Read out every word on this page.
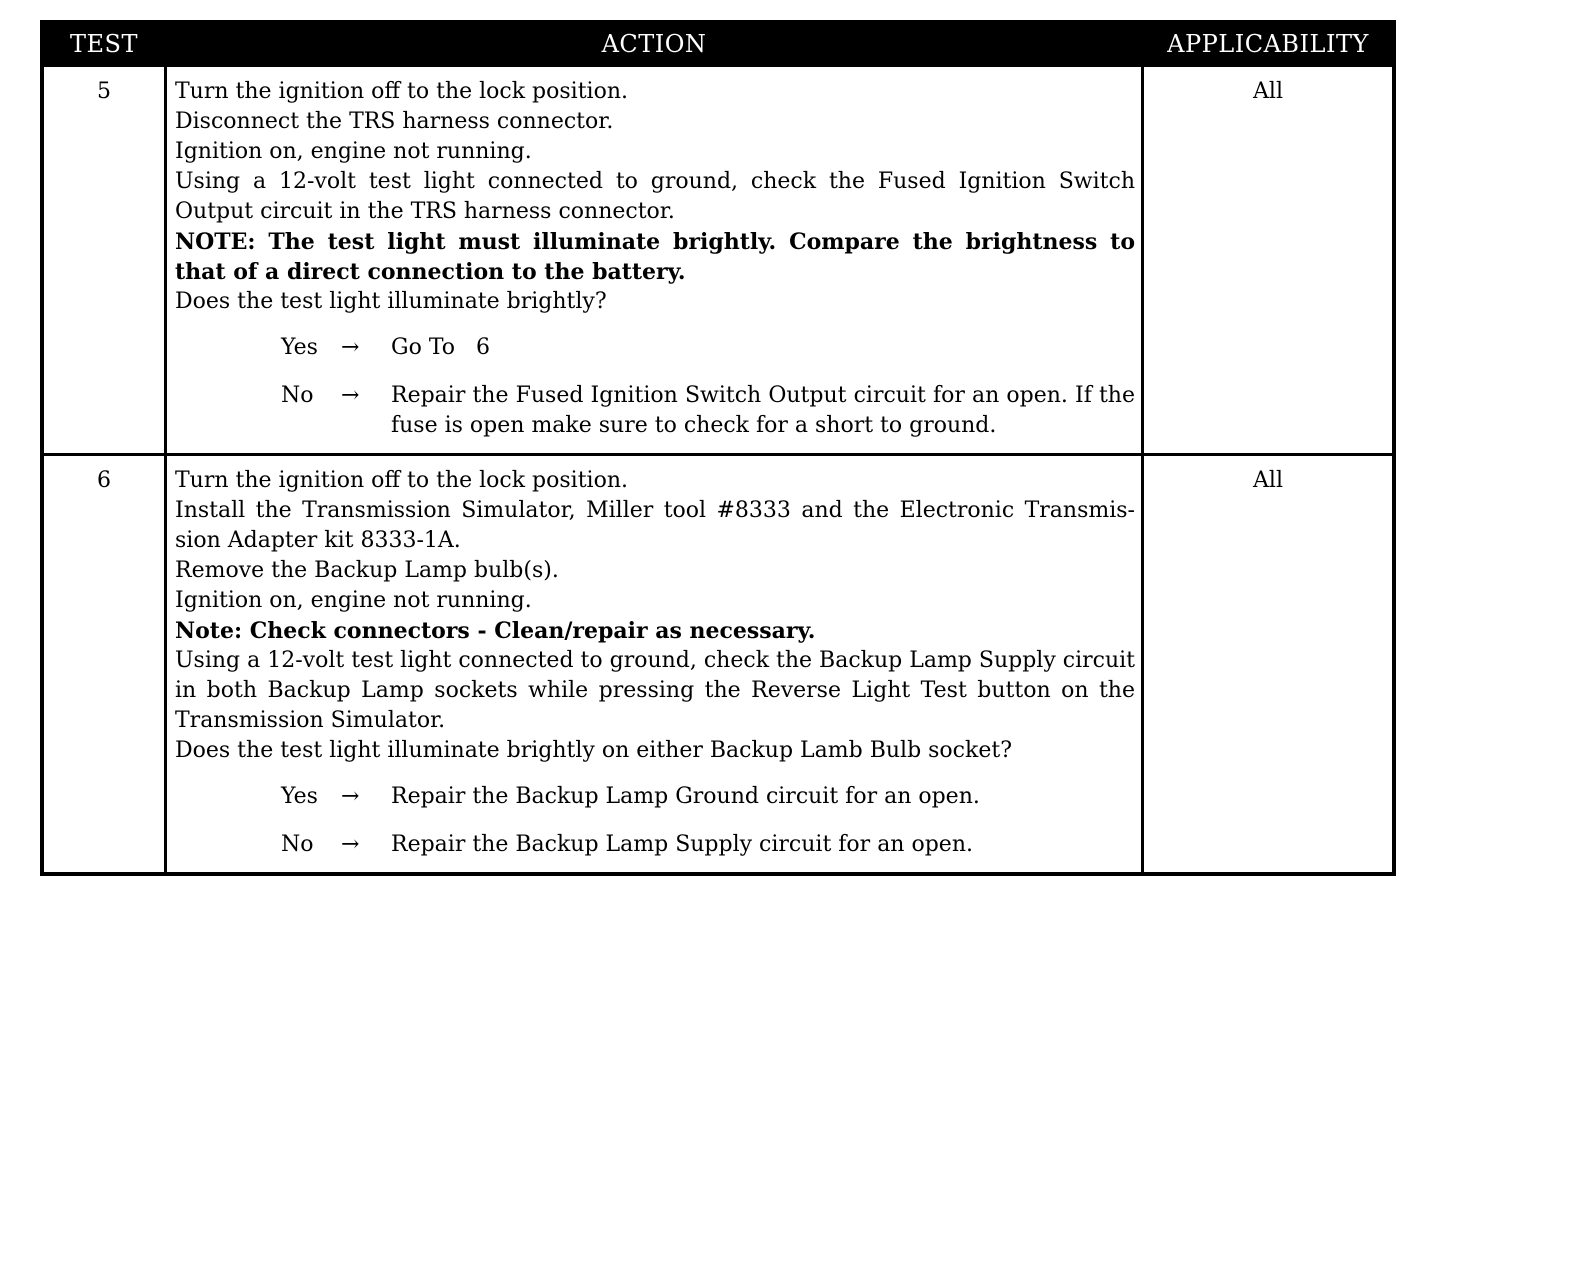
TEST	ACTION	APPLICABILITY
5	Turn the ignition off to the lock position.
Disconnect the TRS harness connector.
Ignition on, engine not running.
Using a 12-volt test light connected to ground, check the Fused Ignition Switch Output circuit in the TRS harness connector.
NOTE: The test light must illuminate brightly. Compare the brightness to that of a direct connection to the battery.
Does the test light illuminate brightly?
Yes	→	Go To   6
No	→	Repair the Fused Ignition Switch Output circuit for an open. If the fuse is open make sure to check for a short to ground.
All
6	Turn the ignition off to the lock position.
Install the Transmission Simulator, Miller tool #8333 and the Electronic Transmis- sion Adapter kit 8333-1A.
Remove the Backup Lamp bulb(s).
Ignition on, engine not running.
Note: Check connectors - Clean/repair as necessary.
Using a 12-volt test light connected to ground, check the Backup Lamp Supply circuit in both Backup Lamp sockets while pressing the Reverse Light Test button on the Transmission Simulator.
Does the test light illuminate brightly on either Backup Lamb Bulb socket?
Yes	→	Repair the Backup Lamp Ground circuit for an open.
No	→	Repair the Backup Lamp Supply circuit for an open.
All
